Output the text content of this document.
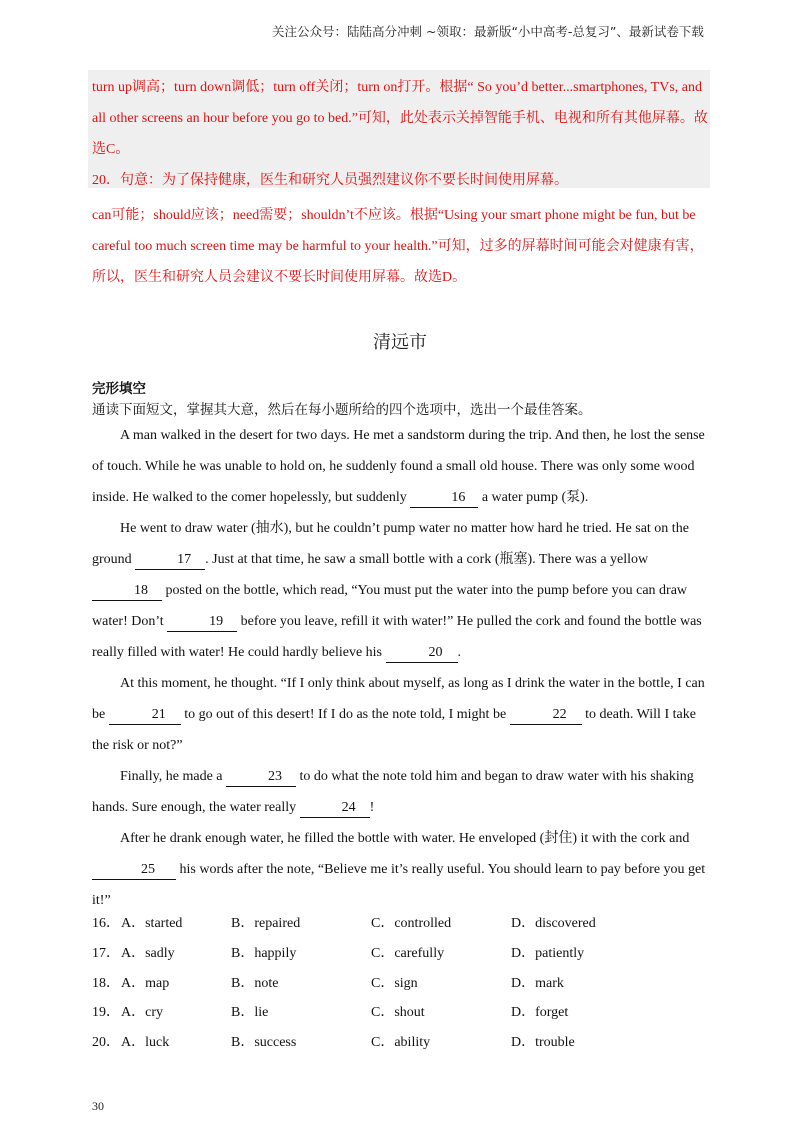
关注公众号：陆陆高分冲刺 ~领取：最新版“小中高考-总复习”、最新试卷下载

turn up调高；turn down调低；turn off关闭；turn on打开。根据“ So you’d better...smartphones, TVs, and all other screens an hour before you go to bed.”可知，此处表示关掉智能手机、电视和所有其他屏幕。故选C。

20．句意：为了保持健康，医生和研究人员强烈建议你不要长时间使用屏幕。

can可能；should应该；need需要；shouldn’t不应该。根据“Using your smart phone might be fun, but be careful too much screen time may be harmful to your health.”可知，过多的屏幕时间可能会对健康有害，所以，医生和研究人员会建议不要长时间使用屏幕。故选D。

清远市
完形填空
通读下面短文，掌握其大意，然后在每小题所给的四个选项中，选出一个最佳答案。

A man walked in the desert for two days. He met a sandstorm during the trip. And then, he lost the sense of touch. While he was unable to hold on, he suddenly found a small old house. There was only some wood inside. He walked to the comer hopelessly, but suddenly	16 a water pump (泵).

He went to draw water (抽水), but he couldn’t pump water no matter how hard he tried. He sat on the ground	17 . Just at that time, he saw a small bottle with a cork (瓶塞). There was a yellow 18 posted on the bottle, which read, “You must put the water into the pump before you can draw water! Don’t	19 before you leave, refill it with water!” He pulled the cork and found the bottle was really filled with water! He could hardly believe his	20 .

At this moment, he thought. “If I only think about myself, as long as I drink the water in the bottle, I can be	21 to go out of this desert! If I do as the note told, I might be	22 to death. Will I take the risk or not?”

Finally, he made a	23 to do what the note told him and began to draw water with his shaking hands. Sure enough, the water really	24 !

After he drank enough water, he filled the bottle with water. He enveloped (封住) it with the cork and 25 his words after the note, “Believe me it’s really useful. You should learn to pay before you get it!”

16． A．started	B．repaired	C．controlled	D．discovered
17． A．sadly	B．happily	C．carefully	D．patiently
18． A．map	B．note	C．sign	D．mark
19． A．cry	B．lie	C．shout	D．forget
20． A．luck	B．success	C．ability	D．trouble
30
